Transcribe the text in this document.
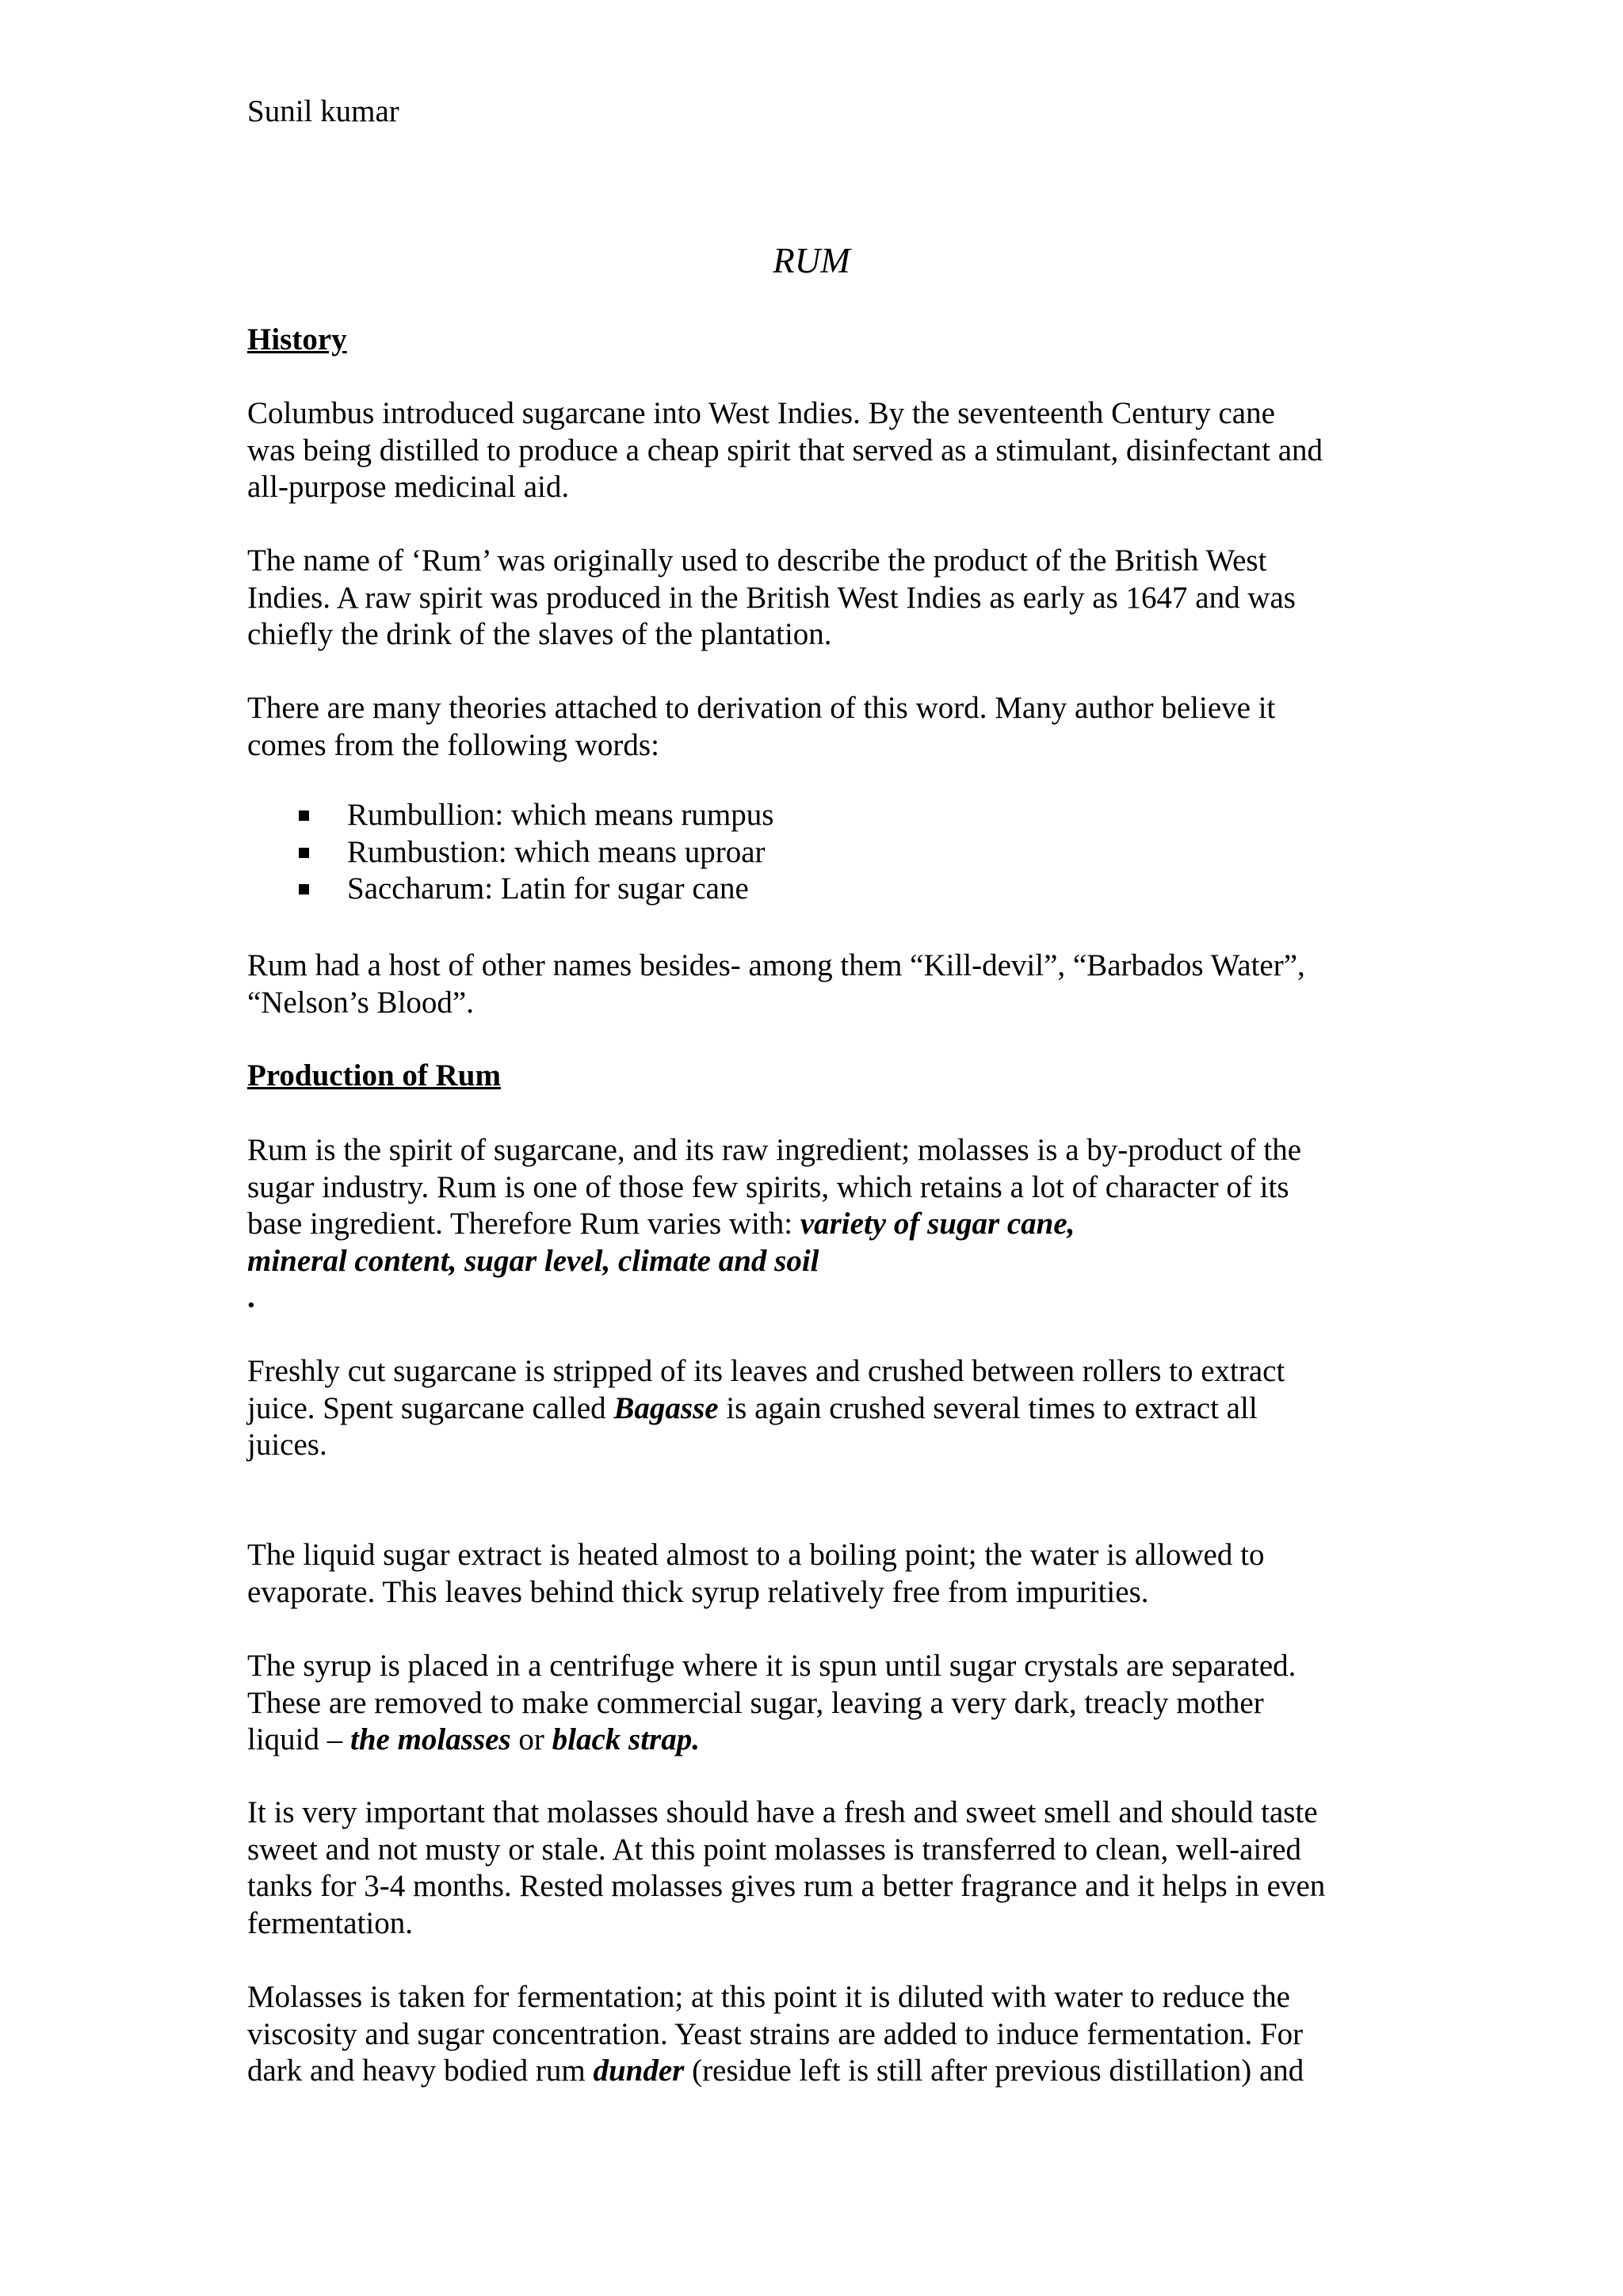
Sunil kumar
RUM
History
Columbus introduced sugarcane into West Indies. By the seventeenth Century cane
was being distilled to produce a cheap spirit that served as a stimulant, disinfectant and
all-purpose medicinal aid.
The name of ‘Rum’ was originally used to describe the product of the British West
Indies. A raw spirit was produced in the British West Indies as early as 1647 and was
chiefly the drink of the slaves of the plantation.
There are many theories attached to derivation of this word. Many author believe it
comes from the following words:
Rumbullion: which means rumpus
Rumbustion: which means uproar
Saccharum: Latin for sugar cane
Rum had a host of other names besides- among them “Kill-devil”, “Barbados Water”,
“Nelson’s Blood”.
Production of Rum
Rum is the spirit of sugarcane, and its raw ingredient; molasses is a by-product of the
sugar industry. Rum is one of those few spirits, which retains a lot of character of its
base ingredient. Therefore Rum varies with: variety of sugar cane,
mineral content, sugar level, climate and soil
.
Freshly cut sugarcane is stripped of its leaves and crushed between rollers to extract
juice. Spent sugarcane called Bagasse is again crushed several times to extract all
juices.
The liquid sugar extract is heated almost to a boiling point; the water is allowed to
evaporate. This leaves behind thick syrup relatively free from impurities.
The syrup is placed in a centrifuge where it is spun until sugar crystals are separated.
These are removed to make commercial sugar, leaving a very dark, treacly mother
liquid – the molasses or black strap.
It is very important that molasses should have a fresh and sweet smell and should taste
sweet and not musty or stale. At this point molasses is transferred to clean, well-aired
tanks for 3-4 months. Rested molasses gives rum a better fragrance and it helps in even
fermentation.
Molasses is taken for fermentation; at this point it is diluted with water to reduce the
viscosity and sugar concentration. Yeast strains are added to induce fermentation. For
dark and heavy bodied rum dunder (residue left is still after previous distillation) and
